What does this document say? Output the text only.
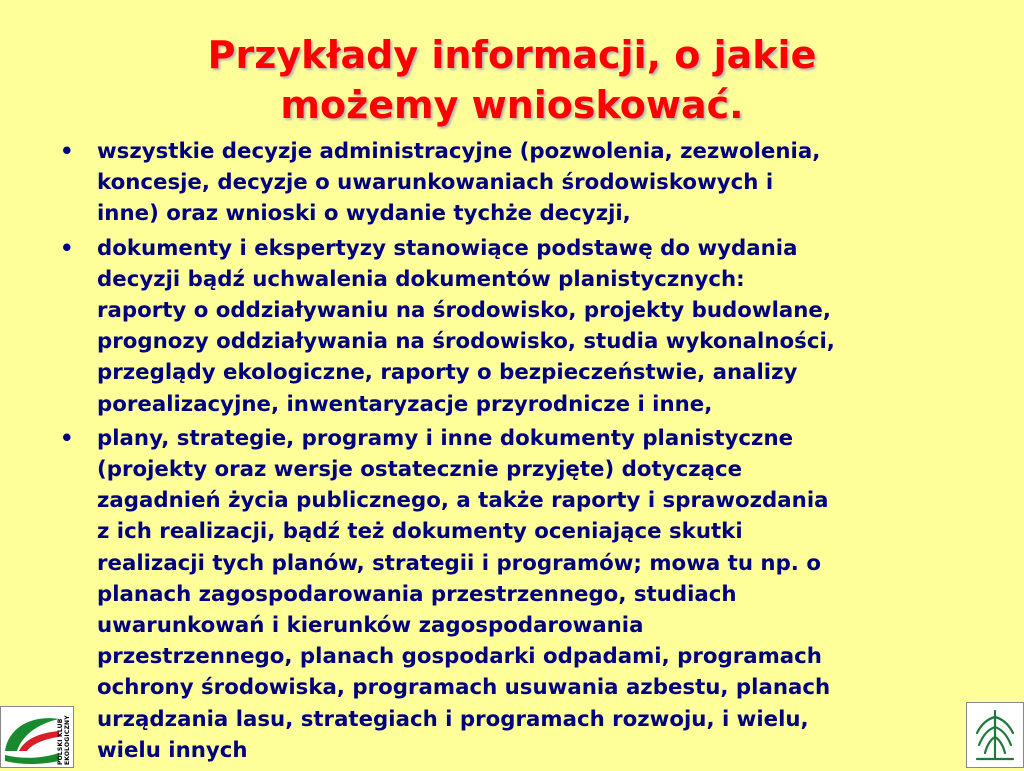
Przykłady informacji, o jakie
możemy wnioskować.
• wszystkie decyzje administracyjne (pozwolenia, zezwolenia,
koncesje, decyzje o uwarunkowaniach środowiskowych i
inne) oraz wnioski o wydanie tychże decyzji,
• dokumenty i ekspertyzy stanowiące podstawę do wydania
decyzji bądź uchwalenia dokumentów planistycznych:
raporty o oddziaływaniu na środowisko, projekty budowlane,
prognozy oddziaływania na środowisko, studia wykonalności,
przeglądy ekologiczne, raporty o bezpieczeństwie, analizy
porealizacyjne, inwentaryzacje przyrodnicze i inne,
• plany, strategie, programy i inne dokumenty planistyczne
(projekty oraz wersje ostatecznie przyjęte) dotyczące
zagadnień życia publicznego, a także raporty i sprawozdania
z ich realizacji, bądź też dokumenty oceniające skutki
realizacji tych planów, strategii i programów; mowa tu np. o
planach zagospodarowania przestrzennego, studiach
uwarunkowań i kierunków zagospodarowania
przestrzennego, planach gospodarki odpadami, programach
ochrony środowiska, programach usuwania azbestu, planach
urządzania lasu, strategiach i programach rozwoju, i wielu,
wielu innych
POLSKI KLUB EKOLOGICZNY
